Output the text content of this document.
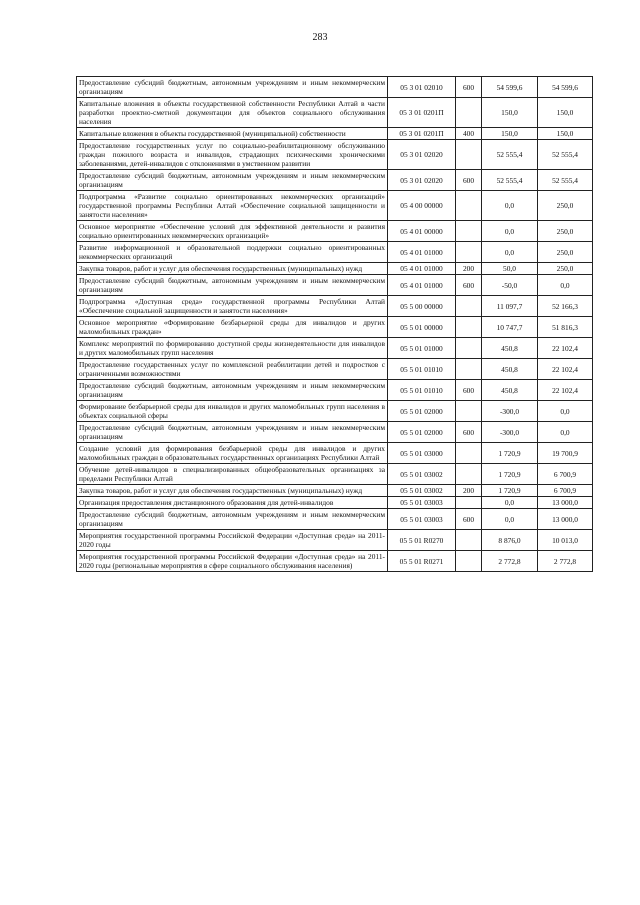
283
Предоставление субсидий бюджетным, автономным учреждениям и иным некоммерческим организациям	05 3 01 02010	600	54 599,6	54 599,6
Капитальные вложения в объекты государственной собственности Республики Алтай в части разработки проектно-сметной документации для объектов социального обслуживания населения	05 3 01 0201П		150,0	150,0
Капитальные вложения в объекты государственной (муниципальной) собственности	05 3 01 0201П	400	150,0	150,0
Предоставление государственных услуг по социально-реабилитационному обслуживанию граждан пожилого возраста и инвалидов, страдающих психическими хроническими заболеваниями, детей-инвалидов с отклонениями в умственном развитии	05 3 01 02020		52 555,4	52 555,4
Предоставление субсидий бюджетным, автономным учреждениям и иным некоммерческим организациям	05 3 01 02020	600	52 555,4	52 555,4
Подпрограмма «Развитие социально ориентированных некоммерческих организаций» государственной программы Республики Алтай «Обеспечение социальной защищенности и занятости населения»	05 4 00 00000		0,0	250,0
Основное мероприятие «Обеспечение условий для эффективной деятельности и развития социально ориентированных некоммерческих организаций»	05 4 01 00000		0,0	250,0
Развитие информационной и образовательной поддержки социально ориентированных некоммерческих организаций	05 4 01 01000		0,0	250,0
Закупка товаров, работ и услуг для обеспечения государственных (муниципальных) нужд	05 4 01 01000	200	50,0	250,0
Предоставление субсидий бюджетным, автономным учреждениям и иным некоммерческим организациям	05 4 01 01000	600	-50,0	0,0
Подпрограмма «Доступная среда» государственной программы Республики Алтай «Обеспечение социальной защищенности и занятости населения»	05 5 00 00000		11 097,7	52 166,3
Основное мероприятие «Формирование безбарьерной среды для инвалидов и других маломобильных граждан»	05 5 01 00000		10 747,7	51 816,3
Комплекс мероприятий по формированию доступной среды жизнедеятельности для инвалидов и других маломобильных групп населения	05 5 01 01000		450,8	22 102,4
Предоставление государственных услуг по комплексной реабилитации детей и подростков с ограниченными возможностями	05 5 01 01010		450,8	22 102,4
Предоставление субсидий бюджетным, автономным учреждениям и иным некоммерческим организациям	05 5 01 01010	600	450,8	22 102,4
Формирование безбарьерной среды для инвалидов и других маломобильных групп населения в объектах социальной сферы	05 5 01 02000		-300,0	0,0
Предоставление субсидий бюджетным, автономным учреждениям и иным некоммерческим организациям	05 5 01 02000	600	-300,0	0,0
Создание условий для формирования безбарьерной среды для инвалидов и других маломобильных граждан в образовательных государственных организациях Республики Алтай	05 5 01 03000		1 720,9	19 700,9
Обучение детей-инвалидов в специализированных общеобразовательных организациях за пределами Республики Алтай	05 5 01 03002		1 720,9	6 700,9
Закупка товаров, работ и услуг для обеспечения государственных (муниципальных) нужд	05 5 01 03002	200	1 720,9	6 700,9
Организация предоставления дистанционного образования для детей-инвалидов	05 5 01 03003		0,0	13 000,0
Предоставление субсидий бюджетным, автономным учреждениям и иным некоммерческим организациям	05 5 01 03003	600	0,0	13 000,0
Мероприятия государственной программы Российской Федерации «Доступная среда» на 2011-2020 годы	05 5 01 R0270		8 876,0	10 013,0
Мероприятия государственной программы Российской Федерации «Доступная среда» на 2011-2020 годы (региональные мероприятия в сфере социального обслуживания населения)	05 5 01 R0271		2 772,8	2 772,8
